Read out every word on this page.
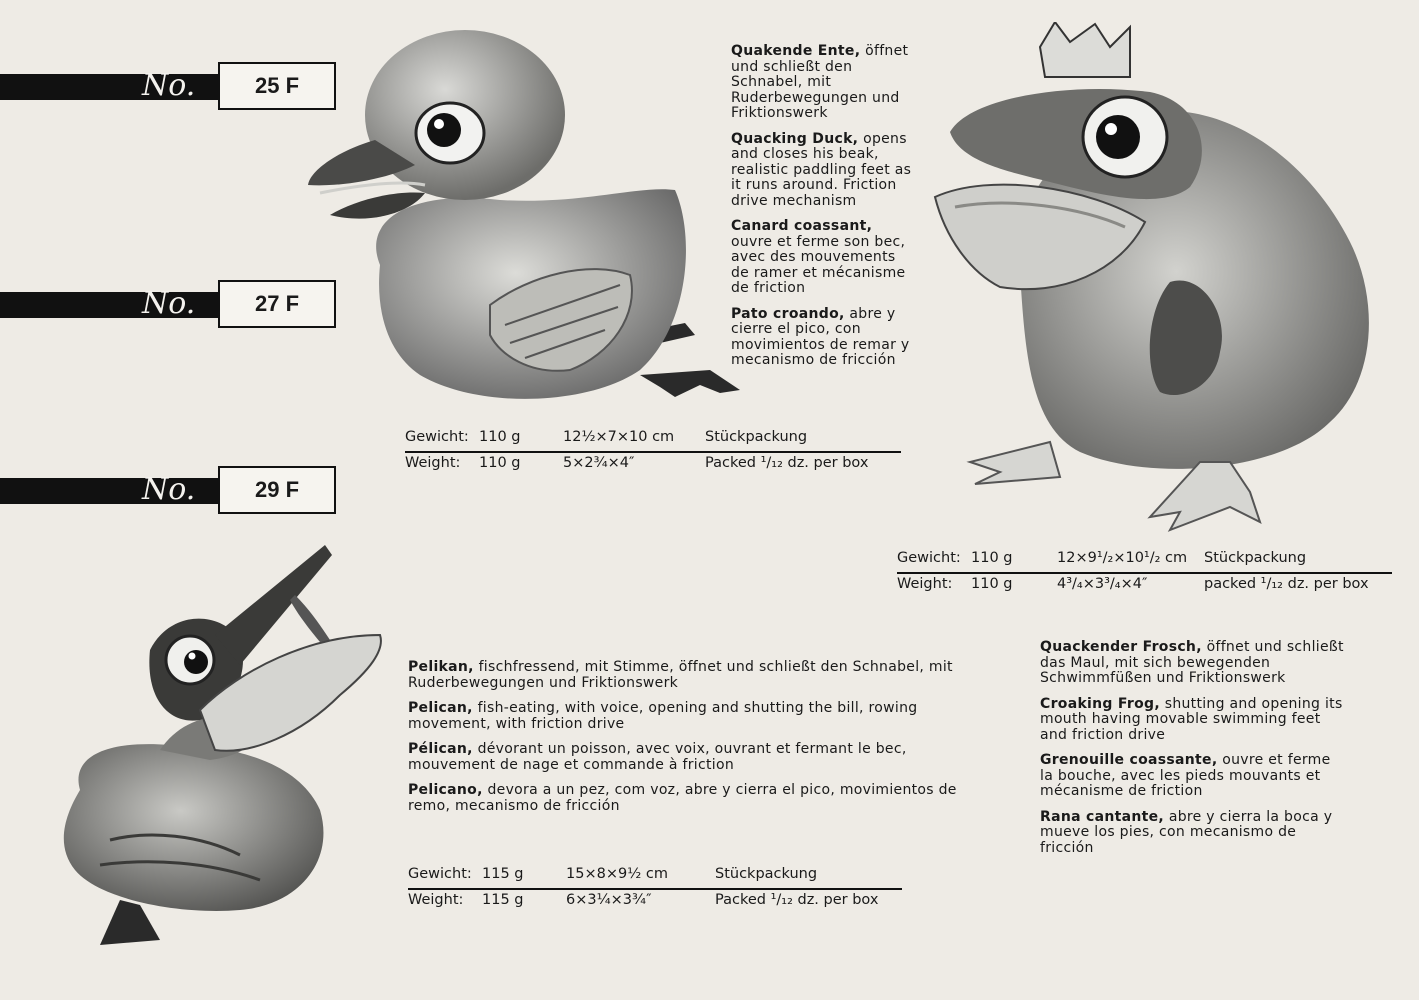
No.	25 F
No.	27 F
No.	29 F

Quakende Ente, öffnet und schließt den Schnabel, mit Ruderbewegungen und Friktionswerk

Quacking Duck, opens and closes his beak, realistic paddling feet as it runs around. Friction drive mechanism

Canard coassant, ouvre et ferme son bec, avec des mouvements de ramer et mécanisme de friction

Pato croando, abre y cierre el pico, con movimientos de remar y mecanismo de fricción

Gewicht: 110 g	12½×7×10 cm Stückpackung
Weight: 110 g	5×2¾×4″	Packed ¹/₁₂ dz. per box
Gewicht: 110 g	12×9¹/₂×10¹/₂ cm Stückpackung
Weight: 110 g	4³/₄×3³/₄×4″	packed ¹/₁₂ dz. per box

Quackender Frosch, öffnet und schließt das Maul, mit sich bewegenden Schwimmfüßen und Friktionswerk

Croaking Frog, shutting and opening its mouth having movable swimming feet and friction drive

Grenouille coassante, ouvre et ferme la bouche, avec les pieds mouvants et mécanisme de friction

Rana cantante, abre y cierra la boca y mueve los pies, con mecanismo de fricción

Pelikan, fischfressend, mit Stimme, öffnet und schließt den Schnabel, mit Ruderbewegungen und Friktionswerk

Pelican, fish-eating, with voice, opening and shutting the bill, rowing movement, with friction drive

Pélican, dévorant un poisson, avec voix, ouvrant et fermant le bec, mouvement de nage et commande à friction

Pelicano, devora a un pez, com voz, abre y cierra el pico, movimientos de remo, mecanismo de fricción

Gewicht: 115 g	15×8×9½ cm	Stückpackung
Weight: 115 g	6×3¼×3¾″	Packed ¹/₁₂ dz. per box
